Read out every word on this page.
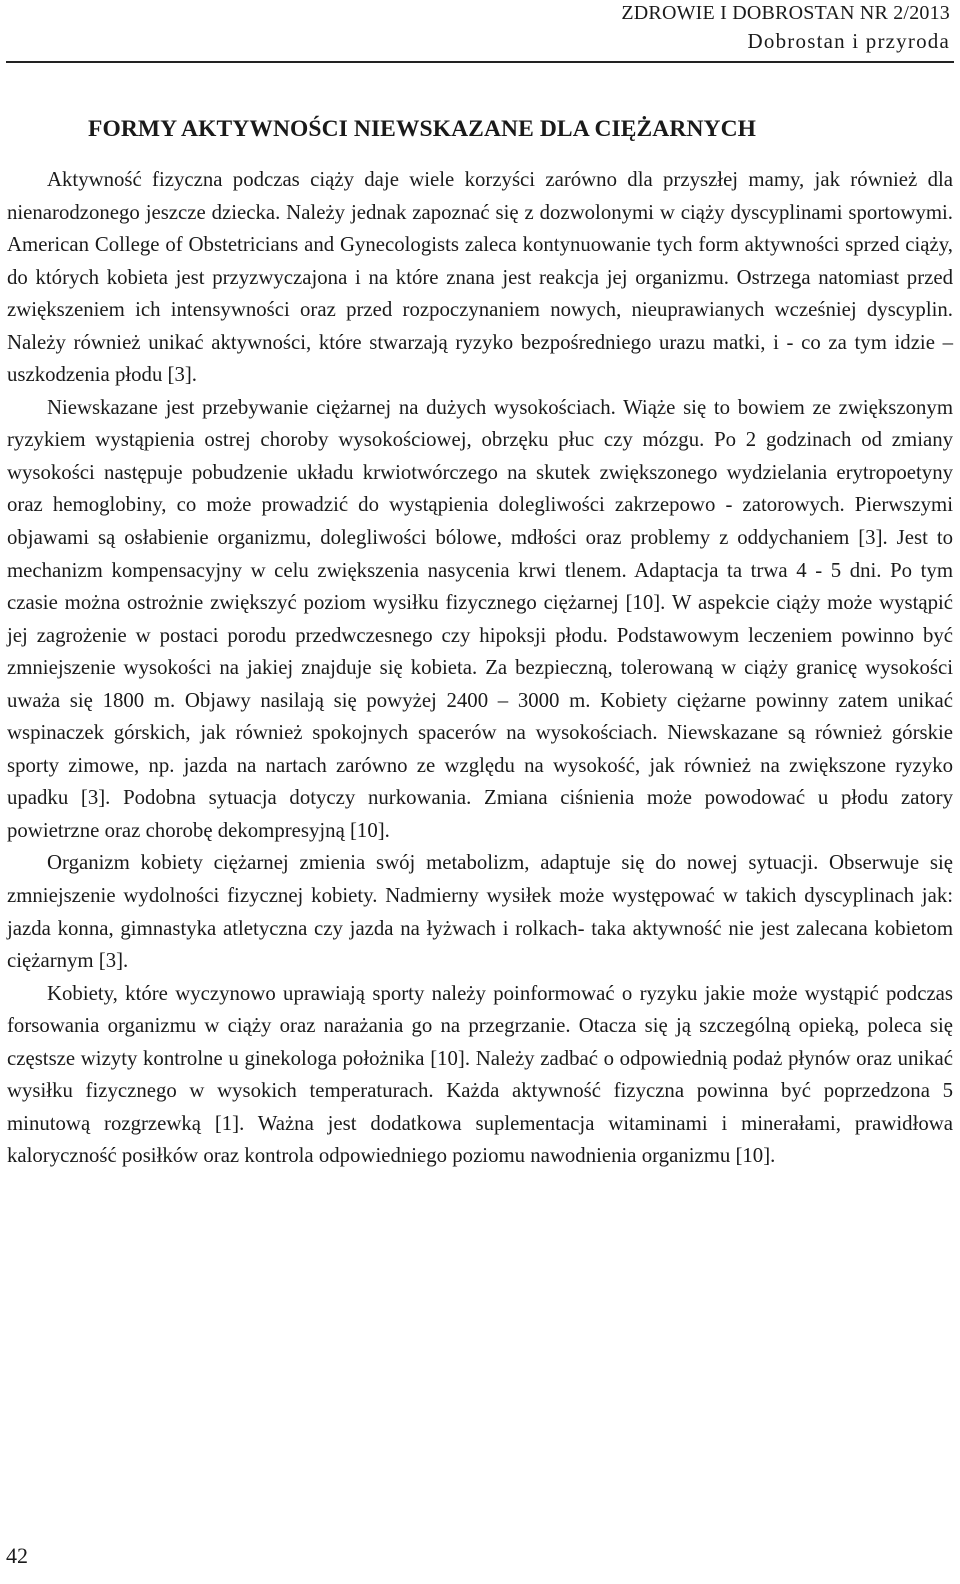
ZDROWIE I DOBROSTAN NR 2/2013
Dobrostan i przyroda
FORMY AKTYWNOŚCI NIEWSKAZANE DLA CIĘŻARNYCH

Aktywność fizyczna podczas ciąży daje wiele korzyści zarówno dla przyszłej mamy, jak również dla nienarodzonego jeszcze dziecka. Należy jednak zapoznać się z dozwolonymi w ciąży dyscyplinami sportowymi. American College of Obstetricians and Gynecologists zaleca kontynuowanie tych form aktywności sprzed ciąży, do których kobieta jest przyzwyczajona i na które znana jest reakcja jej organizmu. Ostrzega natomiast przed zwiększeniem ich intensywności oraz przed rozpoczynaniem nowych, nieuprawianych wcześniej dyscyplin. Należy również unikać aktywności, które stwarzają ryzyko bezpośredniego urazu matki, i - co za tym idzie – uszkodzenia płodu [3].

Niewskazane jest przebywanie ciężarnej na dużych wysokościach. Wiąże się to bowiem ze zwiększonym ryzykiem wystąpienia ostrej choroby wysokościowej, obrzęku płuc czy mózgu. Po 2 godzinach od zmiany wysokości następuje pobudzenie układu krwiotwórczego na skutek zwiększonego wydzielania erytropoetyny oraz hemoglobiny, co może prowadzić do wystąpienia dolegliwości zakrzepowo - zatorowych. Pierwszymi objawami są osłabienie organizmu, dolegliwości bólowe, mdłości oraz problemy z oddychaniem [3]. Jest to mechanizm kompensacyjny w celu zwiększenia nasycenia krwi tlenem. Adaptacja ta trwa 4 - 5 dni. Po tym czasie można ostrożnie zwiększyć poziom wysiłku fizycznego ciężarnej [10]. W aspekcie ciąży może wystąpić jej zagrożenie w postaci porodu przedwczesnego czy hipoksji płodu. Podstawowym leczeniem powinno być zmniejszenie wysokości na jakiej znajduje się kobieta. Za bezpieczną, tolerowaną w ciąży granicę wysokości uważa się 1800 m. Objawy nasilają się powyżej 2400 – 3000 m. Kobiety ciężarne powinny zatem unikać wspinaczek górskich, jak również spokojnych spacerów na wysokościach. Niewskazane są również górskie sporty zimowe, np. jazda na nartach zarówno ze względu na wysokość, jak również na zwiększone ryzyko upadku [3]. Podobna sytuacja dotyczy nurkowania. Zmiana ciśnienia może powodować u płodu zatory powietrzne oraz chorobę dekompresyjną [10].

Organizm kobiety ciężarnej zmienia swój metabolizm, adaptuje się do nowej sytuacji. Obserwuje się zmniejszenie wydolności fizycznej kobiety. Nadmierny wysiłek może występować w takich dyscyplinach jak: jazda konna, gimnastyka atletyczna czy jazda na łyżwach i rolkach- taka aktywność nie jest zalecana kobietom ciężarnym [3].

Kobiety, które wyczynowo uprawiają sporty należy poinformować o ryzyku jakie może wystąpić podczas forsowania organizmu w ciąży oraz narażania go na przegrzanie. Otacza się ją szczególną opieką, poleca się częstsze wizyty kontrolne u ginekologa położnika [10]. Należy zadbać o odpowiednią podaż płynów oraz unikać wysiłku fizycznego w wysokich temperaturach. Każda aktywność fizyczna powinna być poprzedzona 5 minutową rozgrzewką [1]. Ważna jest dodatkowa suplementacja witaminami i minerałami, prawidłowa kaloryczność posiłków oraz kontrola odpowiedniego poziomu nawodnienia organizmu [10].

42
